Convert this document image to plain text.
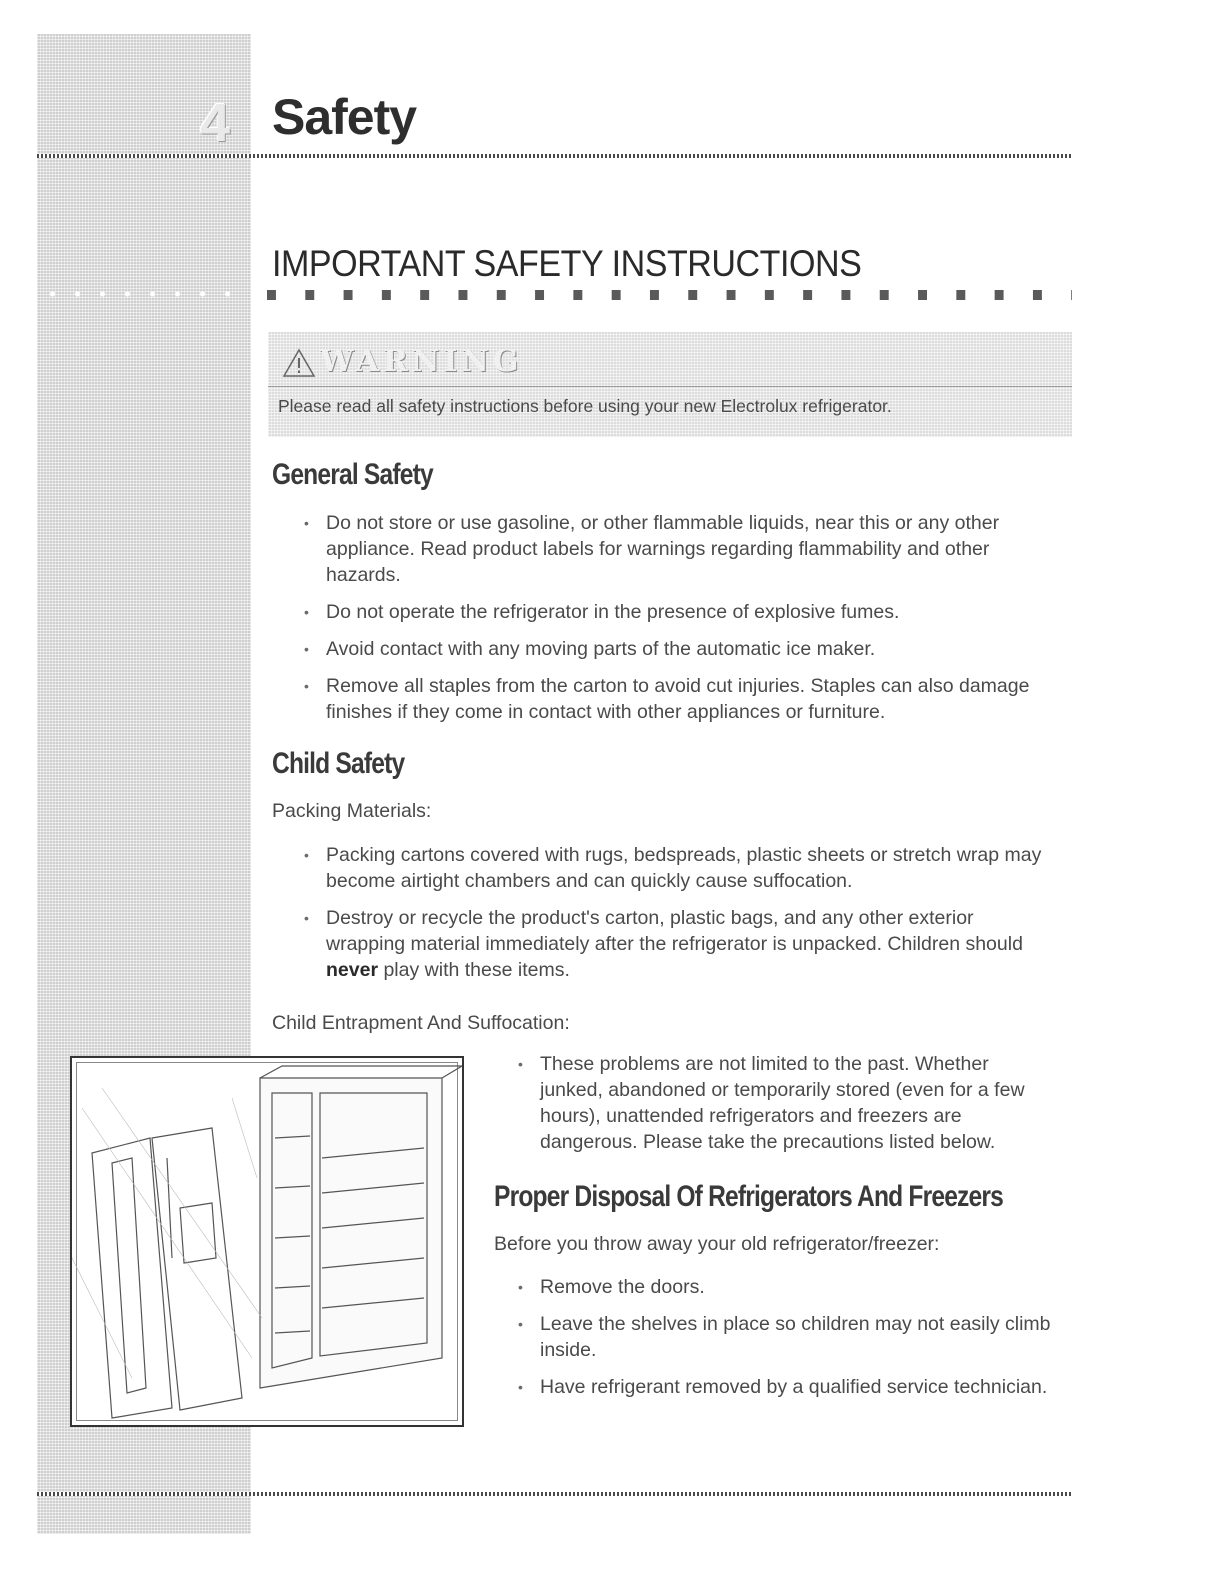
4 Safety
IMPORTANT SAFETY INSTRUCTIONS
WARNING
Please read all safety instructions before using your new Electrolux refrigerator.
General Safety
• Do not store or use gasoline, or other flammable liquids, near this or any other appliance. Read product labels for warnings regarding flammability and other hazards.
• Do not operate the refrigerator in the presence of explosive fumes.
• Avoid contact with any moving parts of the automatic ice maker.
• Remove all staples from the carton to avoid cut injuries. Staples can also damage finishes if they come in contact with other appliances or furniture.
Child Safety

Packing Materials:

• Packing cartons covered with rugs, bedspreads, plastic sheets or stretch wrap may become airtight chambers and can quickly cause suffocation.
• Destroy or recycle the product's carton, plastic bags, and any other exterior wrapping material immediately after the refrigerator is unpacked. Children should never play with these items.

Child Entrapment And Suffocation:

• These problems are not limited to the past. Whether junked, abandoned or temporarily stored (even for a few hours), unattended refrigerators and freezers are dangerous. Please take the precautions listed below.
Proper Disposal Of Refrigerators And Freezers

Before you throw away your old refrigerator/freezer:

• Remove the doors.
• Leave the shelves in place so children may not easily climb inside.
• Have refrigerant removed by a qualified service technician.
